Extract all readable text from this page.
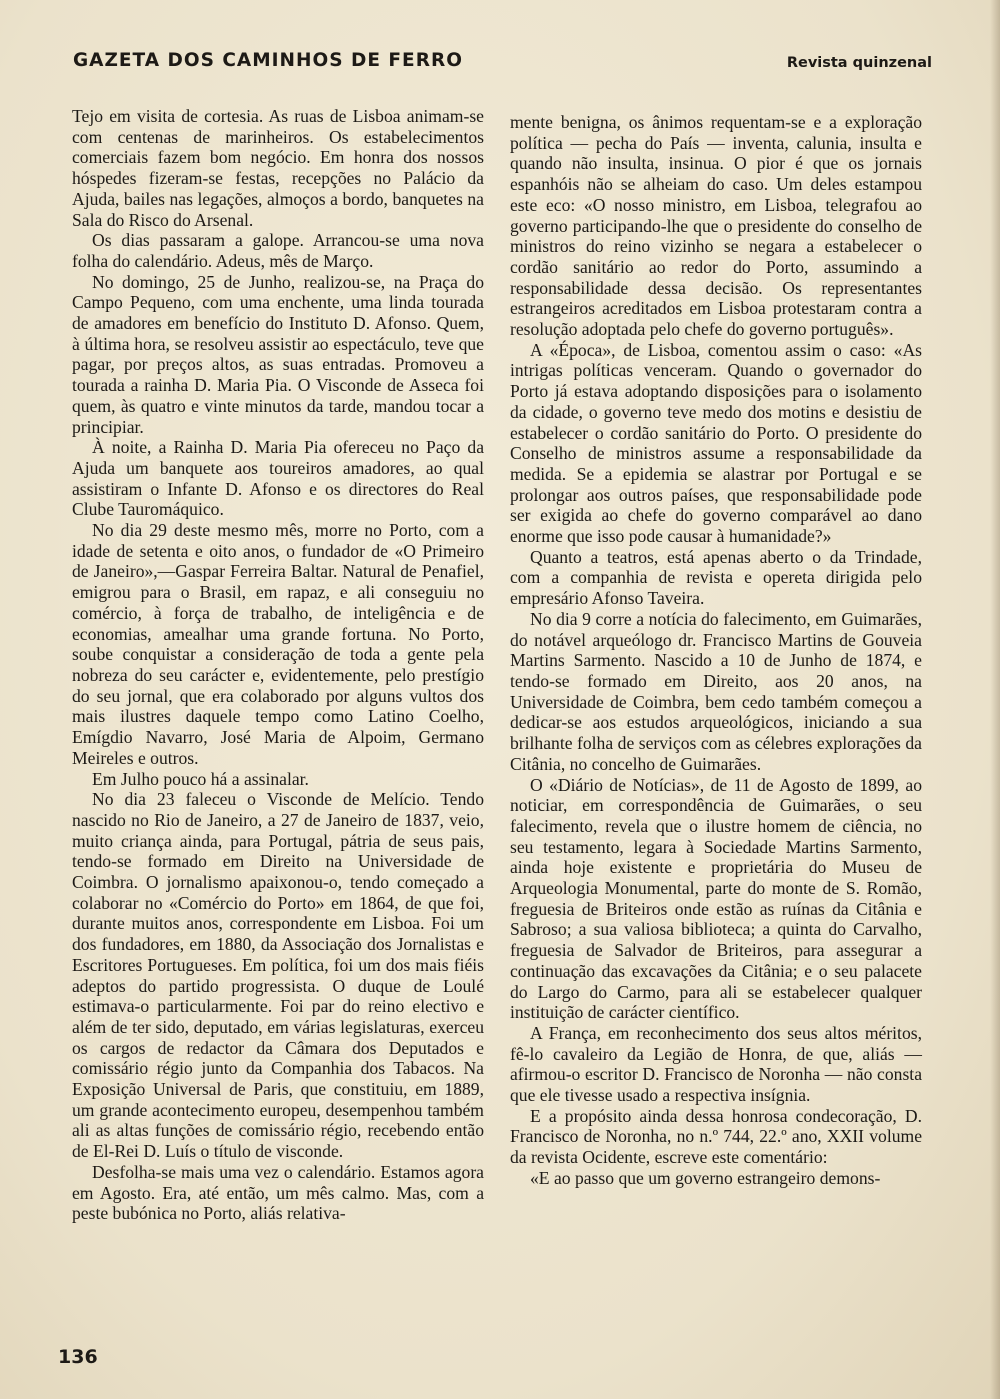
GAZETA DOS CAMINHOS DE FERRO	Revista quinzenal

Tejo em visita de cortesia. As ruas de Lisboa animam-se com centenas de marinheiros. Os estabelecimentos comerciais fazem bom negócio. Em honra dos nossos hóspedes fizeram-se festas, recepções no Palácio da Ajuda, bailes nas legações, almoços a bordo, banquetes na Sala do Risco do Arsenal.

Os dias passaram a galope. Arrancou-se uma nova folha do calendário. Adeus, mês de Março.

No domingo, 25 de Junho, realizou-se, na Praça do Campo Pequeno, com uma enchente, uma linda tourada de amadores em benefício do Instituto D. Afonso. Quem, à última hora, se resolveu assistir ao espectáculo, teve que pagar, por preços altos, as suas entradas. Promoveu a tourada a rainha D. Maria Pia. O Visconde de Asseca foi quem, às quatro e vinte minutos da tarde, mandou tocar a principiar.

À noite, a Rainha D. Maria Pia ofereceu no Paço da Ajuda um banquete aos toureiros amadores, ao qual assistiram o Infante D. Afonso e os directores do Real Clube Tauromáquico.

No dia 29 deste mesmo mês, morre no Porto, com a idade de setenta e oito anos, o fundador de «O Primeiro de Janeiro»,—Gaspar Ferreira Baltar. Natural de Penafiel, emigrou para o Brasil, em rapaz, e ali conseguiu no comércio, à força de trabalho, de inteligência e de economias, amealhar uma grande fortuna. No Porto, soube conquistar a consideração de toda a gente pela nobreza do seu carácter e, evidentemente, pelo prestígio do seu jornal, que era colaborado por alguns vultos dos mais ilustres daquele tempo como Latino Coelho, Emígdio Navarro, José Maria de Alpoim, Germano Meireles e outros.

Em Julho pouco há a assinalar.

No dia 23 faleceu o Visconde de Melício. Tendo nascido no Rio de Janeiro, a 27 de Janeiro de 1837, veio, muito criança ainda, para Portugal, pátria de seus pais, tendo-se formado em Direito na Universidade de Coimbra. O jornalismo apaixonou-o, tendo começado a colaborar no «Comércio do Porto» em 1864, de que foi, durante muitos anos, correspondente em Lisboa. Foi um dos fundadores, em 1880, da Associação dos Jornalistas e Escritores Portugueses. Em política, foi um dos mais fiéis adeptos do partido progressista. O duque de Loulé estimava-o particularmente. Foi par do reino electivo e além de ter sido, deputado, em várias legislaturas, exerceu os cargos de redactor da Câmara dos Deputados e comissário régio junto da Companhia dos Tabacos. Na Exposição Universal de Paris, que constituiu, em 1889, um grande acontecimento europeu, desempenhou também ali as altas funções de comissário régio, recebendo então de El-Rei D. Luís o título de visconde.

Desfolha-se mais uma vez o calendário. Estamos agora em Agosto. Era, até então, um mês calmo. Mas, com a peste bubónica no Porto, aliás relativa-

mente benigna, os ânimos requentam-se e a exploração política — pecha do País — inventa, calunia, insulta e quando não insulta, insinua. O pior é que os jornais espanhóis não se alheiam do caso. Um deles estampou este eco: «O nosso ministro, em Lisboa, telegrafou ao governo participando-lhe que o presidente do conselho de ministros do reino vizinho se negara a estabelecer o cordão sanitário ao redor do Porto, assumindo a responsabilidade dessa decisão. Os representantes estrangeiros acreditados em Lisboa protestaram contra a resolução adoptada pelo chefe do governo português».

A «Época», de Lisboa, comentou assim o caso: «As intrigas políticas venceram. Quando o governador do Porto já estava adoptando disposições para o isolamento da cidade, o governo teve medo dos motins e desistiu de estabelecer o cordão sanitário do Porto. O presidente do Conselho de ministros assume a responsabilidade da medida. Se a epidemia se alastrar por Portugal e se prolongar aos outros países, que responsabilidade pode ser exigida ao chefe do governo comparável ao dano enorme que isso pode causar à humanidade?»

Quanto a teatros, está apenas aberto o da Trindade, com a companhia de revista e opereta dirigida pelo empresário Afonso Taveira.

No dia 9 corre a notícia do falecimento, em Guimarães, do notável arqueólogo dr. Francisco Martins de Gouveia Martins Sarmento. Nascido a 10 de Junho de 1874, e tendo-se formado em Direito, aos 20 anos, na Universidade de Coimbra, bem cedo também começou a dedicar-se aos estudos arqueológicos, iniciando a sua brilhante folha de serviços com as célebres explorações da Citânia, no concelho de Guimarães.

O «Diário de Notícias», de 11 de Agosto de 1899, ao noticiar, em correspondência de Guimarães, o seu falecimento, revela que o ilustre homem de ciência, no seu testamento, legara à Sociedade Martins Sarmento, ainda hoje existente e proprietária do Museu de Arqueologia Monumental, parte do monte de S. Romão, freguesia de Briteiros onde estão as ruínas da Citânia e Sabroso; a sua valiosa biblioteca; a quinta do Carvalho, freguesia de Salvador de Briteiros, para assegurar a continuação das excavações da Citânia; e o seu palacete do Largo do Carmo, para ali se estabelecer qualquer instituição de carácter científico.

A França, em reconhecimento dos seus altos méritos, fê-lo cavaleiro da Legião de Honra, de que, aliás — afirmou-o escritor D. Francisco de Noronha — não consta que ele tivesse usado a respectiva insígnia.

E a propósito ainda dessa honrosa condecoração, D. Francisco de Noronha, no n.º 744, 22.º ano, XXII volume da revista Ocidente, escreve este comentário:

«E ao passo que um governo estrangeiro demons-

136
